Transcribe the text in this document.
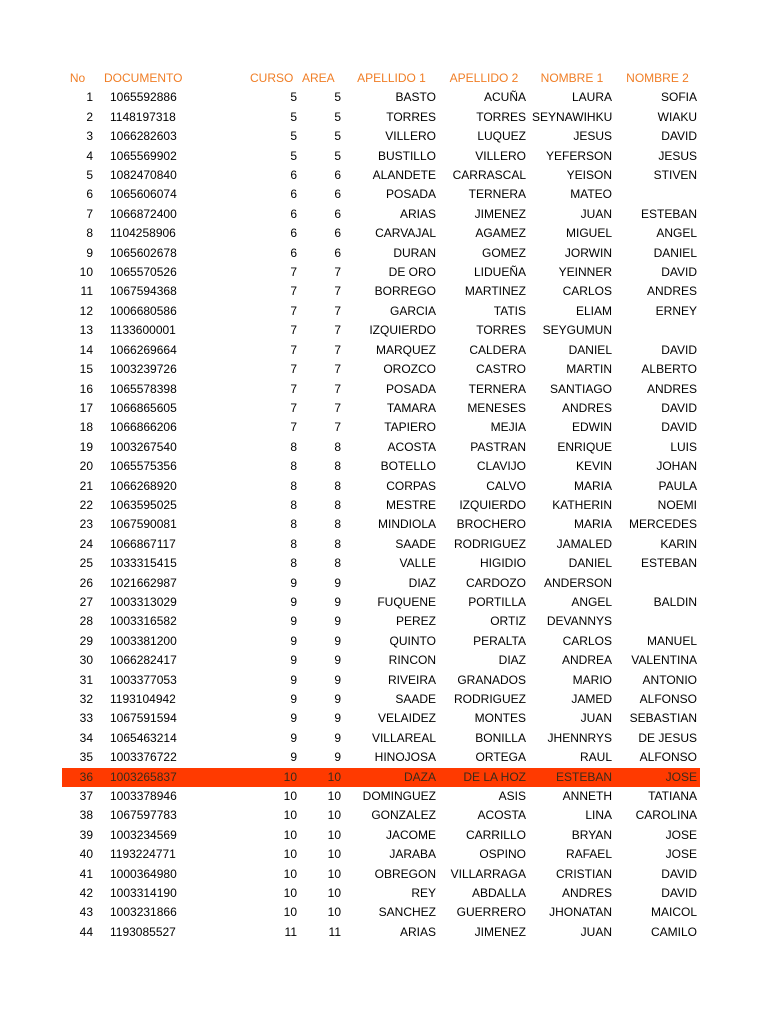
No	DOCUMENTO	CURSO	AREA	APELLIDO 1	APELLIDO 2	NOMBRE 1	NOMBRE 2
1	1065592886	5	5	BASTO	ACUÑA	LAURA	SOFIA
2	1148197318	5	5	TORRES	TORRES	SEYNAWIHKU	WIAKU
3	1066282603	5	5	VILLERO	LUQUEZ	JESUS	DAVID
4	1065569902	5	5	BUSTILLO	VILLERO	YEFERSON	JESUS
5	1082470840	6	6	ALANDETE	CARRASCAL	YEISON	STIVEN
6	1065606074	6	6	POSADA	TERNERA	MATEO	
7	1066872400	6	6	ARIAS	JIMENEZ	JUAN	ESTEBAN
8	1104258906	6	6	CARVAJAL	AGAMEZ	MIGUEL	ANGEL
9	1065602678	6	6	DURAN	GOMEZ	JORWIN	DANIEL
10	1065570526	7	7	DE ORO	LIDUEÑA	YEINNER	DAVID
11	1067594368	7	7	BORREGO	MARTINEZ	CARLOS	ANDRES
12	1006680586	7	7	GARCIA	TATIS	ELIAM	ERNEY
13	1133600001	7	7	IZQUIERDO	TORRES	SEYGUMUN	
14	1066269664	7	7	MARQUEZ	CALDERA	DANIEL	DAVID
15	1003239726	7	7	OROZCO	CASTRO	MARTIN	ALBERTO
16	1065578398	7	7	POSADA	TERNERA	SANTIAGO	ANDRES
17	1066865605	7	7	TAMARA	MENESES	ANDRES	DAVID
18	1066866206	7	7	TAPIERO	MEJIA	EDWIN	DAVID
19	1003267540	8	8	ACOSTA	PASTRAN	ENRIQUE	LUIS
20	1065575356	8	8	BOTELLO	CLAVIJO	KEVIN	JOHAN
21	1066268920	8	8	CORPAS	CALVO	MARIA	PAULA
22	1063595025	8	8	MESTRE	IZQUIERDO	KATHERIN	NOEMI
23	1067590081	8	8	MINDIOLA	BROCHERO	MARIA	MERCEDES
24	1066867117	8	8	SAADE	RODRIGUEZ	JAMALED	KARIN
25	1033315415	8	8	VALLE	HIGIDIO	DANIEL	ESTEBAN
26	1021662987	9	9	DIAZ	CARDOZO	ANDERSON	
27	1003313029	9	9	FUQUENE	PORTILLA	ANGEL	BALDIN
28	1003316582	9	9	PEREZ	ORTIZ	DEVANNYS	
29	1003381200	9	9	QUINTO	PERALTA	CARLOS	MANUEL
30	1066282417	9	9	RINCON	DIAZ	ANDREA	VALENTINA
31	1003377053	9	9	RIVEIRA	GRANADOS	MARIO	ANTONIO
32	1193104942	9	9	SAADE	RODRIGUEZ	JAMED	ALFONSO
33	1067591594	9	9	VELAIDEZ	MONTES	JUAN	SEBASTIAN
34	1065463214	9	9	VILLAREAL	BONILLA	JHENNRYS	DE JESUS
35	1003376722	9	9	HINOJOSA	ORTEGA	RAUL	ALFONSO
36	1003265837	10	10	DAZA	DE LA HOZ	ESTEBAN	JOSE
37	1003378946	10	10	DOMINGUEZ	ASIS	ANNETH	TATIANA
38	1067597783	10	10	GONZALEZ	ACOSTA	LINA	CAROLINA
39	1003234569	10	10	JACOME	CARRILLO	BRYAN	JOSE
40	1193224771	10	10	JARABA	OSPINO	RAFAEL	JOSE
41	1000364980	10	10	OBREGON	VILLARRAGA	CRISTIAN	DAVID
42	1003314190	10	10	REY	ABDALLA	ANDRES	DAVID
43	1003231866	10	10	SANCHEZ	GUERRERO	JHONATAN	MAICOL
44	1193085527	11	11	ARIAS	JIMENEZ	JUAN	CAMILO
